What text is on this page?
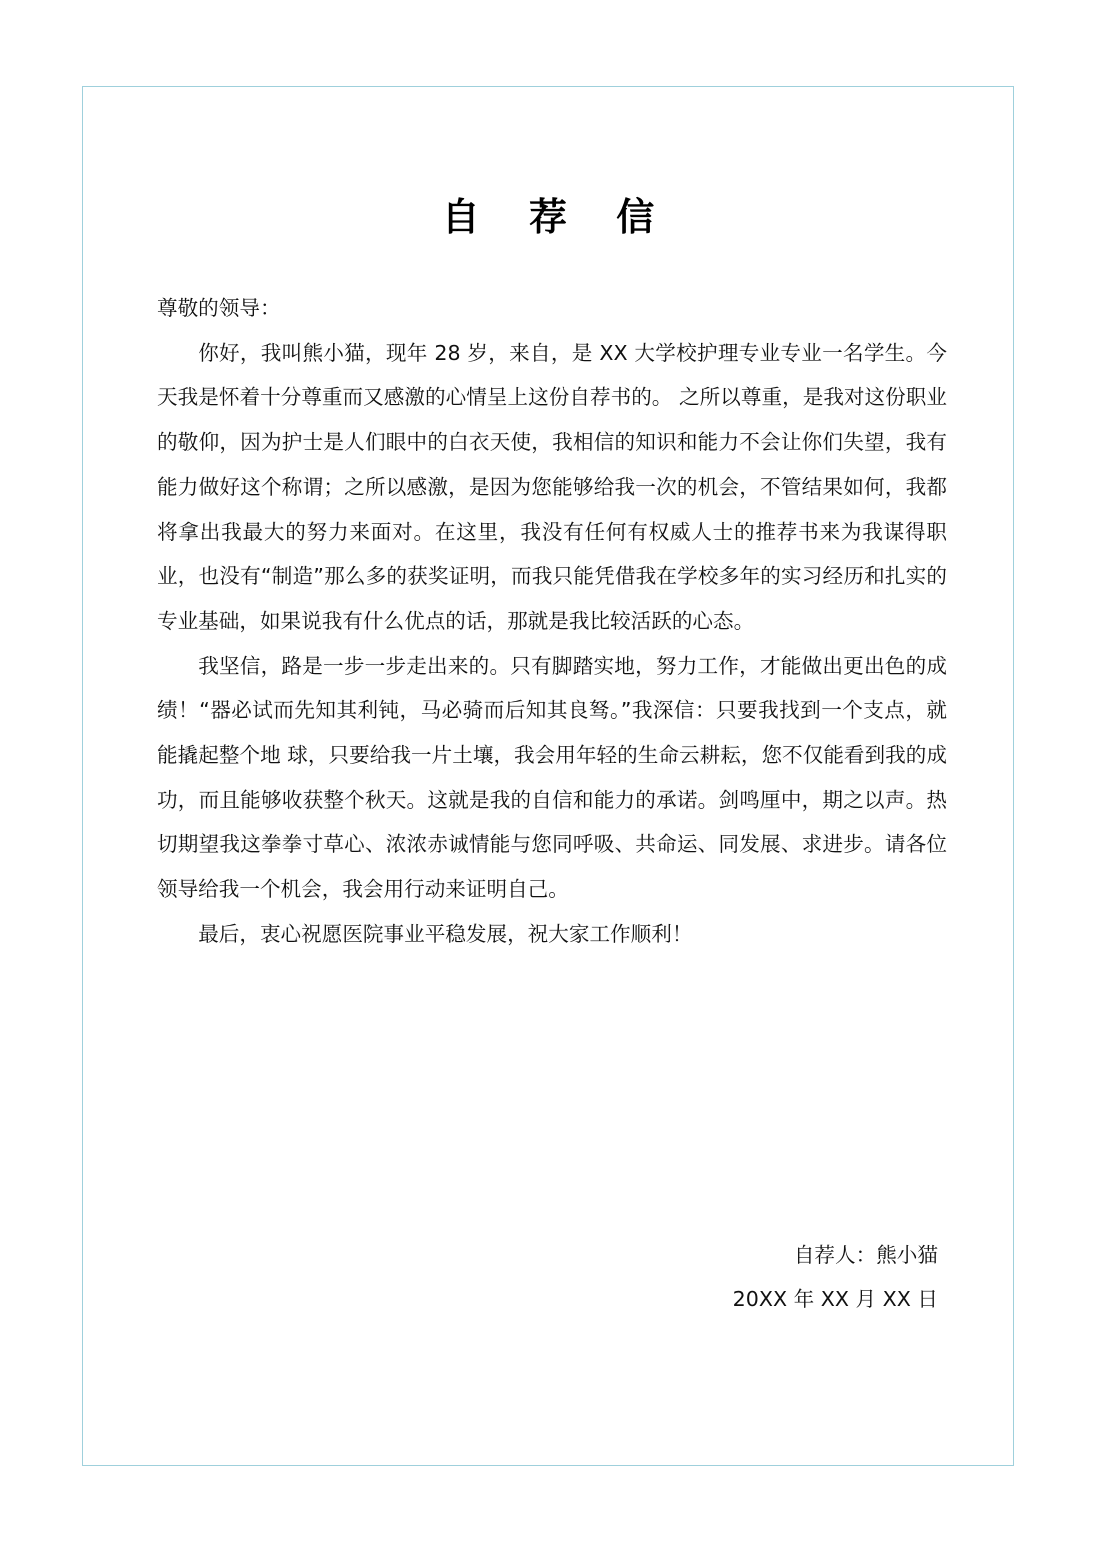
自 荐 信

尊敬的领导：

你好，我叫熊小猫，现年 28 岁，来自，是 XX 大学校护理专业专业一名学生。今天我是怀着十分尊重而又感激的心情呈上这份自荐书的。 之所以尊重，是我对这份职业的敬仰，因为护士是人们眼中的白衣天使，我相信的知识和能力不会让你们失望，我有能力做好这个称谓；之所以感激，是因为您能够给我一次的机会，不管结果如何，我都将拿出我最大的努力来面对。在这里，我没有任何有权威人士的推荐书来为我谋得职业，也没有“制造”那么多的获奖证明，而我只能凭借我在学校多年的实习经历和扎实的专业基础，如果说我有什么优点的话，那就是我比较活跃的心态。

我坚信，路是一步一步走出来的。只有脚踏实地，努力工作，才能做出更出色的成绩！“器必试而先知其利钝，马必骑而后知其良驽。”我深信：只要我找到一个支点，就能撬起整个地 球，只要给我一片土壤，我会用年轻的生命云耕耘，您不仅能看到我的成功，而且能够收获整个秋天。这就是我的自信和能力的承诺。剑鸣厘中，期之以声。热切期望我这拳拳寸草心、浓浓赤诚情能与您同呼吸、共命运、同发展、求进步。请各位领导给我一个机会，我会用行动来证明自己。

最后，衷心祝愿医院事业平稳发展，祝大家工作顺利！

自荐人：熊小猫
20XX 年 XX 月 XX 日
